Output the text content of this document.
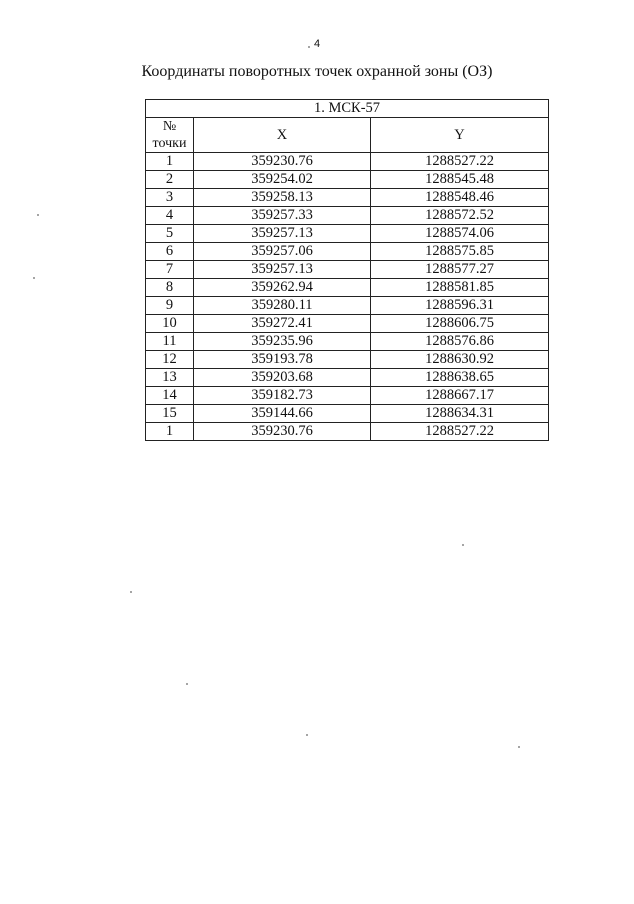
4
Координаты поворотных точек охранной зоны (ОЗ)
1. МСК-57		
№
точки	X	Y
1	359230.76	1288527.22
2	359254.02	1288545.48
3	359258.13	1288548.46
4	359257.33	1288572.52
5	359257.13	1288574.06
6	359257.06	1288575.85
7	359257.13	1288577.27
8	359262.94	1288581.85
9	359280.11	1288596.31
10	359272.41	1288606.75
11	359235.96	1288576.86
12	359193.78	1288630.92
13	359203.68	1288638.65
14	359182.73	1288667.17
15	359144.66	1288634.31
1	359230.76	1288527.22
